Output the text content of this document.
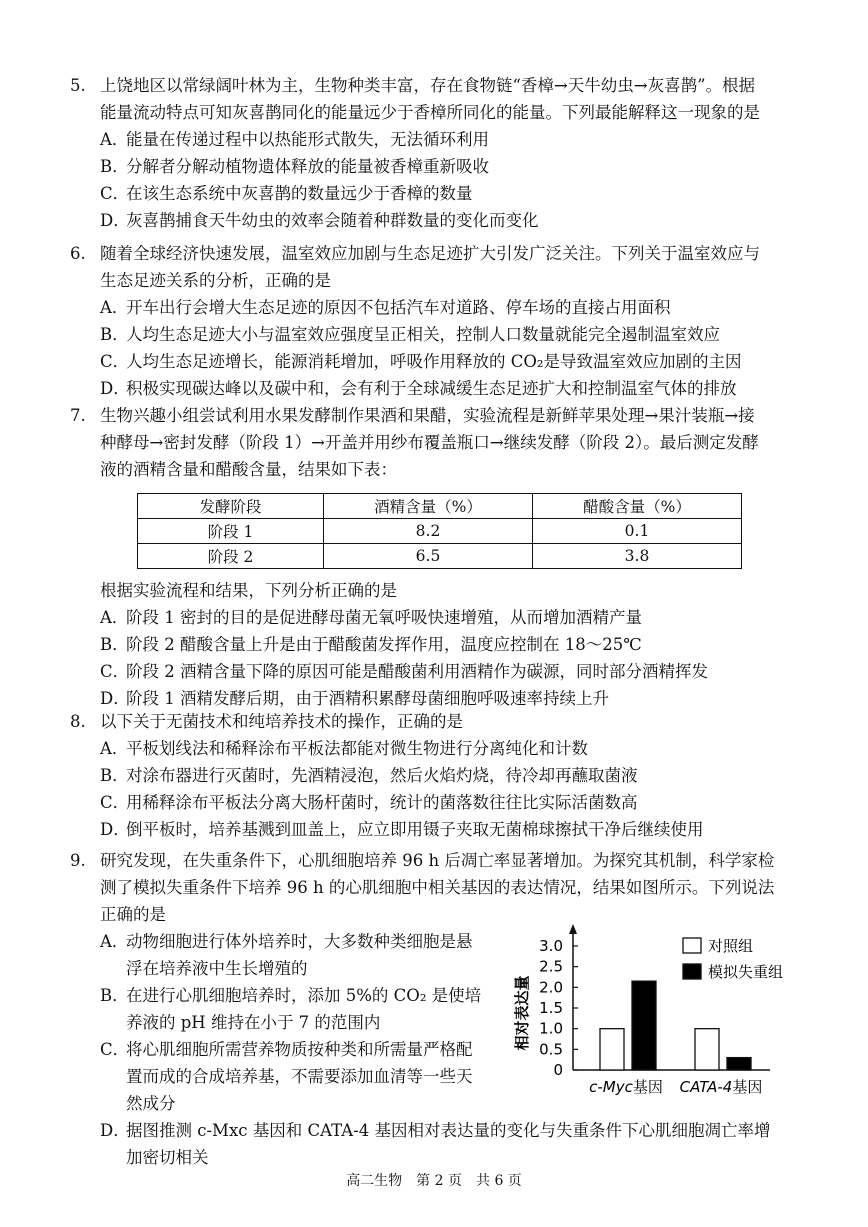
5. 上饶地区以常绿阔叶林为主，生物种类丰富，存在食物链“香樟→天牛幼虫→灰喜鹊”。根据
能量流动特点可知灰喜鹊同化的能量远少于香樟所同化的能量。下列最能解释这一现象的是
A．能量在传递过程中以热能形式散失，无法循环利用
B．分解者分解动植物遗体释放的能量被香樟重新吸收
C．在该生态系统中灰喜鹊的数量远少于香樟的数量
D．灰喜鹊捕食天牛幼虫的效率会随着种群数量的变化而变化
6. 随着全球经济快速发展，温室效应加剧与生态足迹扩大引发广泛关注。下列关于温室效应与
生态足迹关系的分析，正确的是
A．开车出行会增大生态足迹的原因不包括汽车对道路、停车场的直接占用面积
B．人均生态足迹大小与温室效应强度呈正相关，控制人口数量就能完全遏制温室效应
C．人均生态足迹增长，能源消耗增加，呼吸作用释放的 CO₂是导致温室效应加剧的主因
D．积极实现碳达峰以及碳中和，会有利于全球减缓生态足迹扩大和控制温室气体的排放
7. 生物兴趣小组尝试利用水果发酵制作果酒和果醋，实验流程是新鲜苹果处理→果汁装瓶→接
种酵母→密封发酵（阶段 1）→开盖并用纱布覆盖瓶口→继续发酵（阶段 2）。最后测定发酵
液的酒精含量和醋酸含量，结果如下表：
发酵阶段	酒精含量（%）	醋酸含量（%）
阶段 1	8.2	0.1
阶段 2	6.5	3.8
根据实验流程和结果，下列分析正确的是
A．阶段 1 密封的目的是促进酵母菌无氧呼吸快速增殖，从而增加酒精产量
B．阶段 2 醋酸含量上升是由于醋酸菌发挥作用，温度应控制在 18～25℃
C．阶段 2 酒精含量下降的原因可能是醋酸菌利用酒精作为碳源，同时部分酒精挥发
D．阶段 1 酒精发酵后期，由于酒精积累酵母菌细胞呼吸速率持续上升
8. 以下关于无菌技术和纯培养技术的操作，正确的是
A．平板划线法和稀释涂布平板法都能对微生物进行分离纯化和计数
B．对涂布器进行灭菌时，先酒精浸泡，然后火焰灼烧，待冷却再蘸取菌液
C．用稀释涂布平板法分离大肠杆菌时，统计的菌落数往往比实际活菌数高
D．倒平板时，培养基溅到皿盖上，应立即用镊子夹取无菌棉球擦拭干净后继续使用
9. 研究发现，在失重条件下，心肌细胞培养 96 h 后凋亡率显著增加。为探究其机制，科学家检
测了模拟失重条件下培养 96 h 的心肌细胞中相关基因的表达情况，结果如图所示。下列说法
正确的是
A．动物细胞进行体外培养时，大多数种类细胞是悬
浮在培养液中生长增殖的
B．在进行心肌细胞培养时，添加 5%的 CO₂ 是使培
养液的 pH 维持在小于 7 的范围内
C．将心肌细胞所需营养物质按种类和所需量严格配
置而成的合成培养基，不需要添加血清等一些天
然成分
D．据图推测 c-Mxc 基因和 CATA-4 基因相对表达量的变化与失重条件下心肌细胞凋亡率增
加密切相关
相对表达量
0
0.5
1.0
1.5
2.0
2.5
3.0
c-Myc基因 CATA-4基因
对照组
模拟失重组
高二生物　第 2 页　共 6 页
